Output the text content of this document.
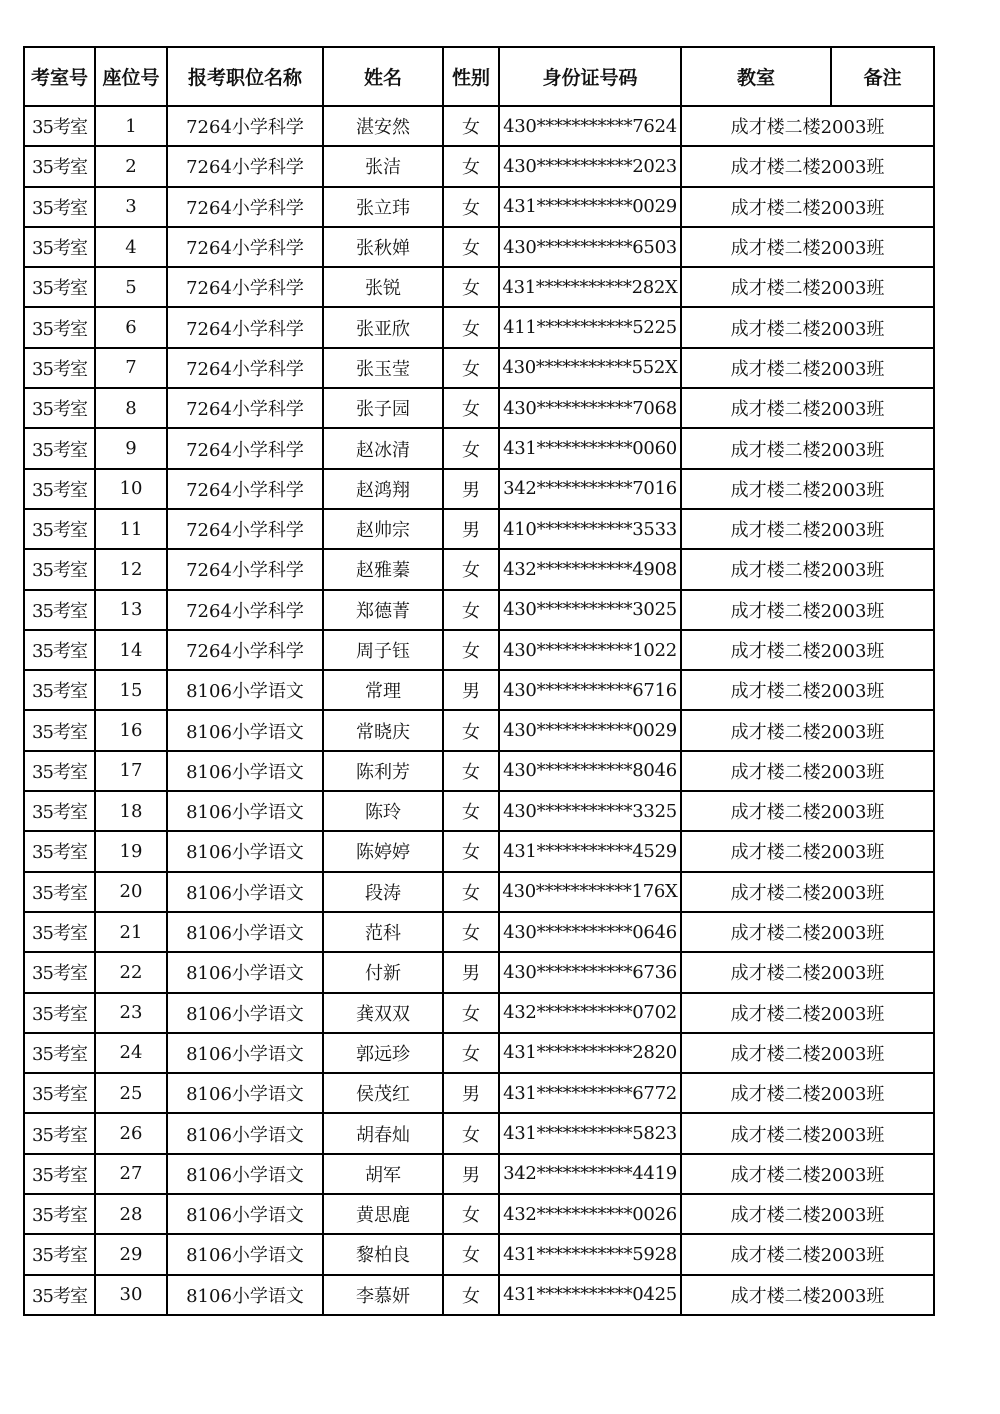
考室号	座位号	报考职位名称	姓名	性别	身份证号码	教室	备注
35考室	1	7264小学科学	湛安然	女	430***********7624	成才楼二楼2003班	
35考室	2	7264小学科学	张洁	女	430***********2023	成才楼二楼2003班	
35考室	3	7264小学科学	张立玮	女	431***********0029	成才楼二楼2003班	
35考室	4	7264小学科学	张秋婵	女	430***********6503	成才楼二楼2003班	
35考室	5	7264小学科学	张锐	女	431***********282X	成才楼二楼2003班	
35考室	6	7264小学科学	张亚欣	女	411***********5225	成才楼二楼2003班	
35考室	7	7264小学科学	张玉莹	女	430***********552X	成才楼二楼2003班	
35考室	8	7264小学科学	张子园	女	430***********7068	成才楼二楼2003班	
35考室	9	7264小学科学	赵冰清	女	431***********0060	成才楼二楼2003班	
35考室	10	7264小学科学	赵鸿翔	男	342***********7016	成才楼二楼2003班	
35考室	11	7264小学科学	赵帅宗	男	410***********3533	成才楼二楼2003班	
35考室	12	7264小学科学	赵雅蓁	女	432***********4908	成才楼二楼2003班	
35考室	13	7264小学科学	郑德菁	女	430***********3025	成才楼二楼2003班	
35考室	14	7264小学科学	周子钰	女	430***********1022	成才楼二楼2003班	
35考室	15	8106小学语文	常理	男	430***********6716	成才楼二楼2003班	
35考室	16	8106小学语文	常晓庆	女	430***********0029	成才楼二楼2003班	
35考室	17	8106小学语文	陈利芳	女	430***********8046	成才楼二楼2003班	
35考室	18	8106小学语文	陈玲	女	430***********3325	成才楼二楼2003班	
35考室	19	8106小学语文	陈婷婷	女	431***********4529	成才楼二楼2003班	
35考室	20	8106小学语文	段涛	女	430***********176X	成才楼二楼2003班	
35考室	21	8106小学语文	范科	女	430***********0646	成才楼二楼2003班	
35考室	22	8106小学语文	付新	男	430***********6736	成才楼二楼2003班	
35考室	23	8106小学语文	龚双双	女	432***********0702	成才楼二楼2003班	
35考室	24	8106小学语文	郭远珍	女	431***********2820	成才楼二楼2003班	
35考室	25	8106小学语文	侯茂红	男	431***********6772	成才楼二楼2003班	
35考室	26	8106小学语文	胡春灿	女	431***********5823	成才楼二楼2003班	
35考室	27	8106小学语文	胡军	男	342***********4419	成才楼二楼2003班	
35考室	28	8106小学语文	黄思鹿	女	432***********0026	成才楼二楼2003班	
35考室	29	8106小学语文	黎柏良	女	431***********5928	成才楼二楼2003班	
35考室	30	8106小学语文	李慕妍	女	431***********0425	成才楼二楼2003班	
